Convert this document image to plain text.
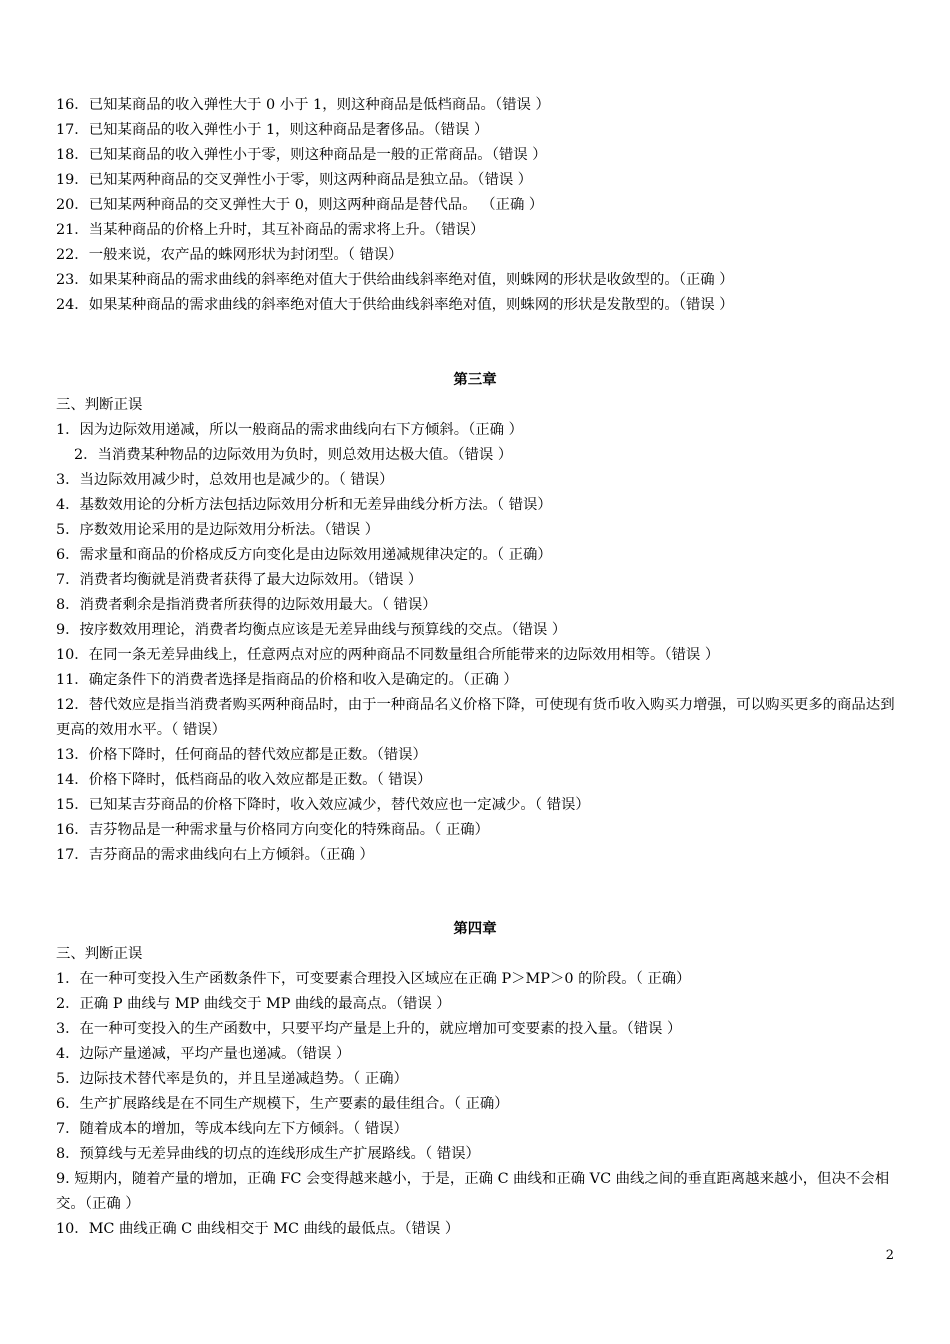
16．已知某商品的收入弹性大于 0 小于 1，则这种商品是低档商品。（错误 ）
17．已知某商品的收入弹性小于 1，则这种商品是奢侈品。（错误 ）
18．已知某商品的收入弹性小于零，则这种商品是一般的正常商品。（错误 ）
19．已知某两种商品的交叉弹性小于零，则这两种商品是独立品。（错误 ）
20．已知某两种商品的交叉弹性大于 0，则这两种商品是替代品。 （正确 ）
21．当某种商品的价格上升时，其互补商品的需求将上升。（错误）
22．一般来说，农产品的蛛网形状为封闭型。（ 错误）
23．如果某种商品的需求曲线的斜率绝对值大于供给曲线斜率绝对值，则蛛网的形状是收敛型的。（正确 ）
24．如果某种商品的需求曲线的斜率绝对值大于供给曲线斜率绝对值，则蛛网的形状是发散型的。（错误 ）
第三章
三、判断正误
1．因为边际效用递减，所以一般商品的需求曲线向右下方倾斜。（正确 ）
2．当消费某种物品的边际效用为负时，则总效用达极大值。（错误 ）
3．当边际效用减少时，总效用也是减少的。（ 错误）
4．基数效用论的分析方法包括边际效用分析和无差异曲线分析方法。（ 错误）
5．序数效用论采用的是边际效用分析法。（错误 ）
6．需求量和商品的价格成反方向变化是由边际效用递减规律决定的。（ 正确）
7．消费者均衡就是消费者获得了最大边际效用。（错误 ）
8．消费者剩余是指消费者所获得的边际效用最大。（ 错误）
9．按序数效用理论，消费者均衡点应该是无差异曲线与预算线的交点。（错误 ）
10．在同一条无差异曲线上，任意两点对应的两种商品不同数量组合所能带来的边际效用相等。（错误 ）
11．确定条件下的消费者选择是指商品的价格和收入是确定的。（正确 ）
12．替代效应是指当消费者购买两种商品时，由于一种商品名义价格下降，可使现有货币收入购买力增强，可以购买更多的商品达到更高的效用水平。（ 错误）
13．价格下降时，任何商品的替代效应都是正数。（错误）
14．价格下降时，低档商品的收入效应都是正数。（ 错误）
15．已知某吉芬商品的价格下降时，收入效应减少，替代效应也一定减少。（ 错误）
16．吉芬物品是一种需求量与价格同方向变化的特殊商品。（ 正确）
17．吉芬商品的需求曲线向右上方倾斜。（正确 ）
第四章
三、判断正误
1．在一种可变投入生产函数条件下，可变要素合理投入区域应在正确 P＞MP＞0 的阶段。（ 正确）
2．正确 P 曲线与 MP 曲线交于 MP 曲线的最高点。（错误 ）
3．在一种可变投入的生产函数中，只要平均产量是上升的，就应增加可变要素的投入量。（错误 ）
4．边际产量递减，平均产量也递减。（错误 ）
5．边际技术替代率是负的，并且呈递减趋势。（ 正确）
6．生产扩展路线是在不同生产规模下，生产要素的最佳组合。（ 正确）
7．随着成本的增加，等成本线向左下方倾斜。（ 错误）
8．预算线与无差异曲线的切点的连线形成生产扩展路线。（ 错误）
9. 短期内，随着产量的增加，正确 FC 会变得越来越小，于是，正确 C 曲线和正确 VC 曲线之间的垂直距离越来越小，但决不会相交。（正确 ）
10．MC 曲线正确 C 曲线相交于 MC 曲线的最低点。（错误 ）
2
